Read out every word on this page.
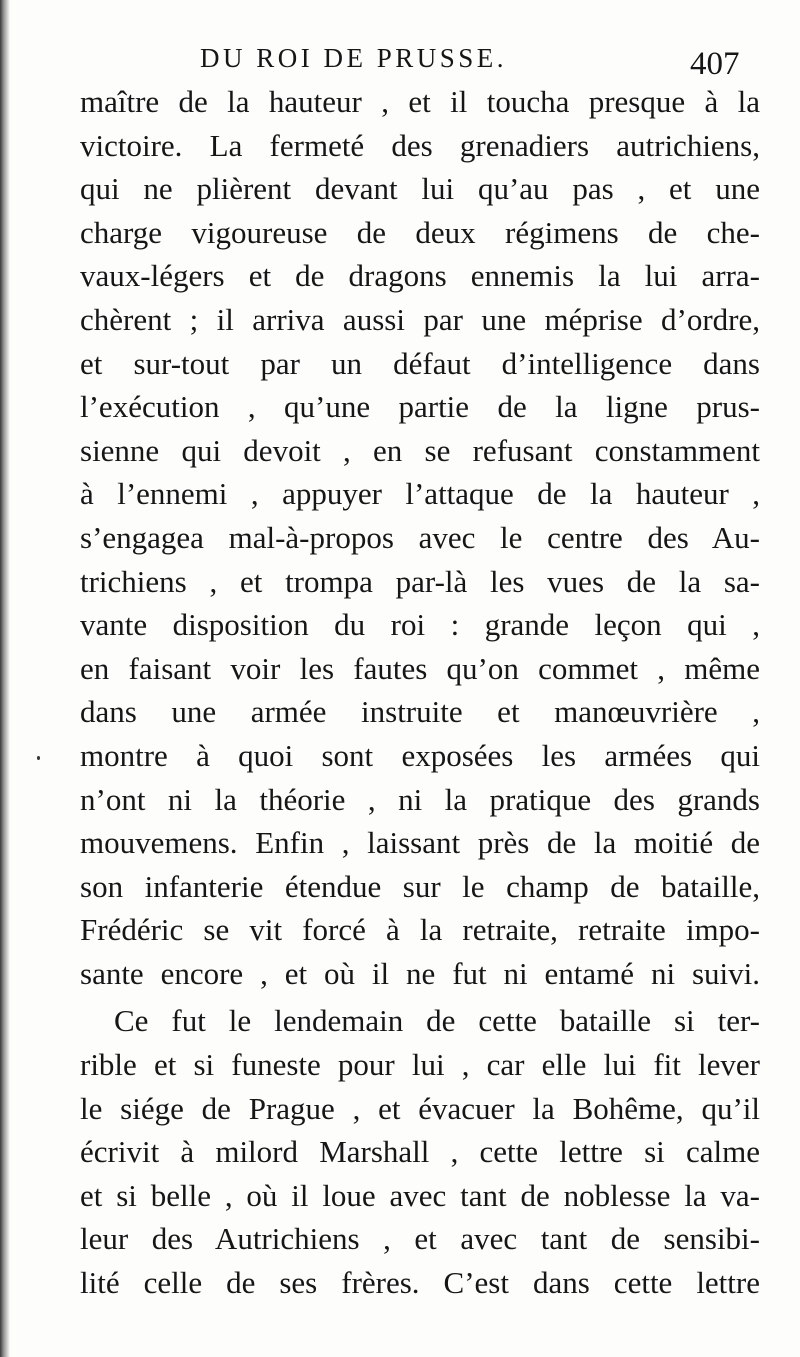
DU ROI DE PRUSSE.	407
maître de la hauteur , et il toucha presque à la
victoire. La fermeté des grenadiers autrichiens,
qui ne plièrent devant lui qu’au pas , et une
charge vigoureuse de deux régimens de che-
vaux-légers et de dragons ennemis la lui arra-
chèrent ; il arriva aussi par une méprise d’ordre,
et sur-tout par un défaut d’intelligence dans
l’exécution , qu’une partie de la ligne prus-
sienne qui devoit , en se refusant constamment
à l’ennemi , appuyer l’attaque de la hauteur ,
s’engagea mal-à-propos avec le centre des Au-
trichiens , et trompa par-là les vues de la sa-
vante disposition du roi : grande leçon qui ,
en faisant voir les fautes qu’on commet , même
dans une armée instruite et manœuvrière ,
montre à quoi sont exposées les armées qui
n’ont ni la théorie , ni la pratique des grands
mouvemens. Enfin , laissant près de la moitié de
son infanterie étendue sur le champ de bataille,
Frédéric se vit forcé à la retraite, retraite impo-
sante encore , et où il ne fut ni entamé ni suivi.
Ce fut le lendemain de cette bataille si ter-
rible et si funeste pour lui , car elle lui fit lever
le siége de Prague , et évacuer la Bohême, qu’il
écrivit à milord Marshall , cette lettre si calme
et si belle , où il loue avec tant de noblesse la va-
leur des Autrichiens , et avec tant de sensibi-
lité celle de ses frères. C’est dans cette lettre
